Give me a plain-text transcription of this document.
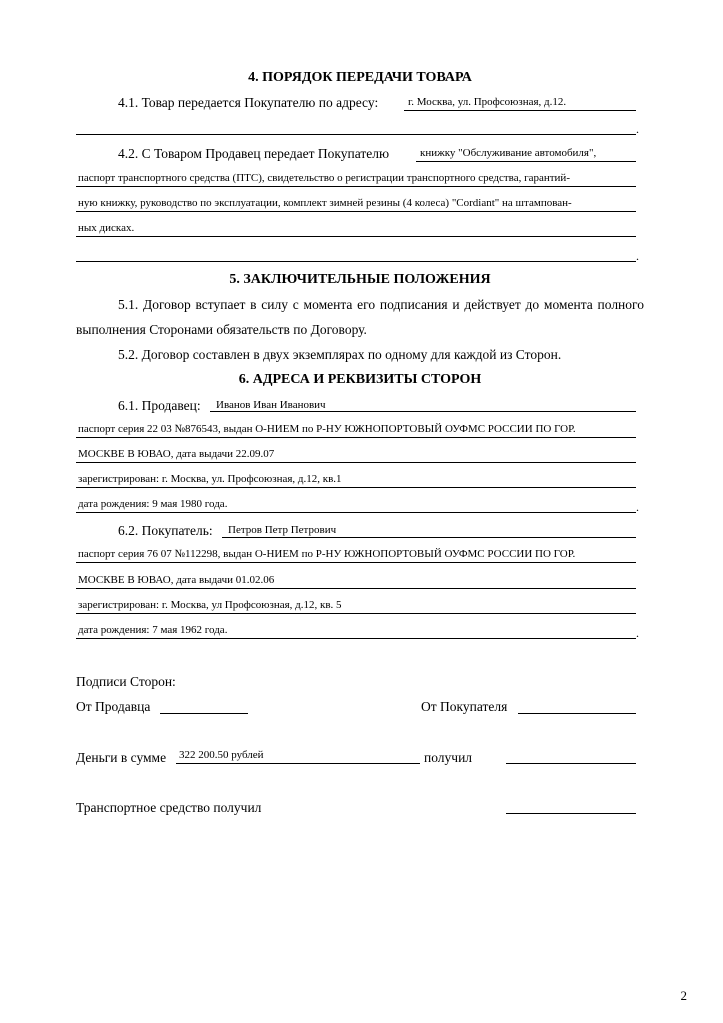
4. ПОРЯДОК ПЕРЕДАЧИ ТОВАРА
4.1. Товар передается Покупателю по адресу:	г. Москва, ул. Профсоюзная, д.12.
.
4.2. С Товаром Продавец передает Покупателю	книжку "Обслуживание автомобиля",
паспорт транспортного средства (ПТС), свидетельство о регистрации транспортного средства, гарантий-
ную книжку, руководство по эксплуатации, комплект зимней резины (4 колеса) "Cordiant" на штампован-
ных дисках.
.
5. ЗАКЛЮЧИТЕЛЬНЫЕ ПОЛОЖЕНИЯ
5.1. Договор вступает в силу с момента его подписания и действует до момента полного выполнения Сторонами обязательств по Договору.
5.2. Договор составлен в двух экземплярах по одному для каждой из Сторон.
6. АДРЕСА И РЕКВИЗИТЫ СТОРОН
6.1. Продавец: Иванов Иван Иванович
паспорт серия 22 03 №876543, выдан О-НИЕМ по Р-НУ ЮЖНОПОРТОВЫЙ ОУФМС РОССИИ ПО ГОР.
МОСКВЕ В ЮВАО, дата выдачи 22.09.07
зарегистрирован: г. Москва, ул. Профсоюзная, д.12, кв.1
дата рождения: 9 мая 1980 года.	.
6.2. Покупатель: Петров Петр Петрович
паспорт серия 76 07 №112298, выдан О-НИЕМ по Р-НУ ЮЖНОПОРТОВЫЙ ОУФМС РОССИИ ПО ГОР.
МОСКВЕ В ЮВАО, дата выдачи 01.02.06
зарегистрирован: г. Москва, ул Профсоюзная, д.12, кв. 5
дата рождения: 7 мая 1962 года.	.
Подписи Сторон:
От Продавца	От Покупателя
Деньги в сумме 322 200.50 рублей	получил
Транспортное средство получил
2
